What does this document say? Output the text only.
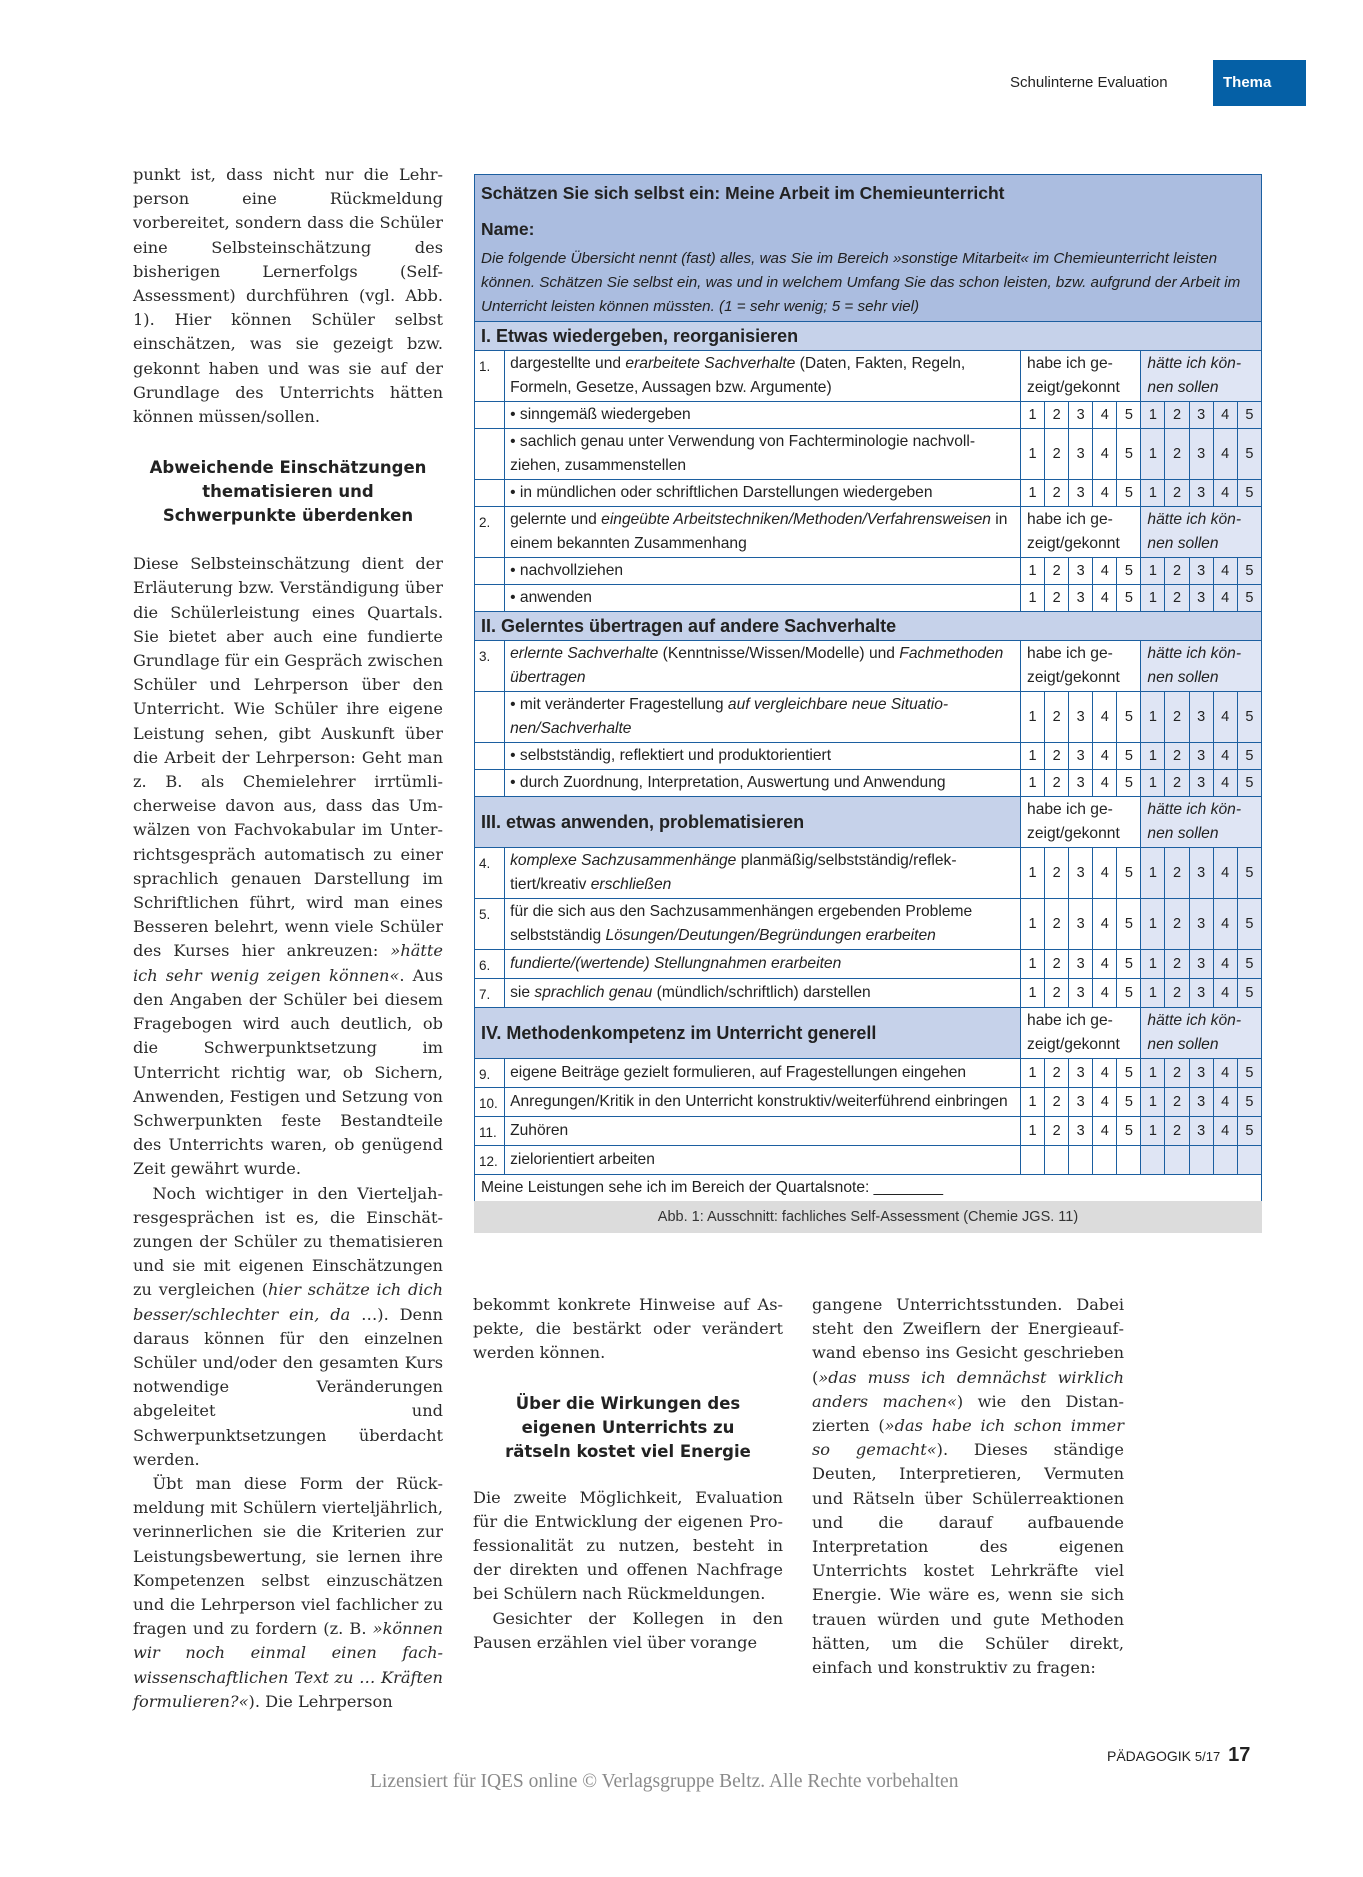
Schulinterne Evaluation	Thema

punkt ist, dass nicht nur die Lehrperson eine Rückmeldung vorbereitet, sondern dass die Schüler eine Selbsteinschätzung des bisherigen Lernerfolgs (Self-Assessment) durchführen (vgl. Abb. 1). Hier können Schüler selbst einschätzen, was sie gezeigt bzw. gekonnt haben und was sie auf der Grundlage des Unterrichts hätten können müssen/sollen.

Abweichende Einschätzungen thematisieren und Schwerpunkte überdenken

Diese Selbsteinschätzung dient der Erläuterung bzw. Verständigung über die Schülerleistung eines Quartals. Sie bietet aber auch eine fundierte Grundlage für ein Gespräch zwischen Schüler und Lehrperson über den Unterricht. Wie Schüler ihre eigene Leistung sehen, gibt Auskunft über die Arbeit der Lehrperson: Geht man z. B. als Chemielehrer irrtümlicherweise davon aus, dass das Umwälzen von Fachvokabular im Unterrichtsgespräch automatisch zu einer sprachlich genauen Darstellung im Schriftlichen führt, wird man eines Besseren belehrt, wenn viele Schüler des Kurses hier ankreuzen: »hätte ich sehr wenig zeigen können«. Aus den Angaben der Schüler bei diesem Fragebogen wird auch deutlich, ob die Schwerpunktsetzung im Unterricht richtig war, ob Sichern, Anwenden, Festigen und Setzung von Schwerpunkten feste Bestandteile des Unterrichts waren, ob genügend Zeit gewährt wurde.

Noch wichtiger in den Vierteljahresgesprächen ist es, die Einschätzungen der Schüler zu thematisieren und sie mit eigenen Einschätzungen zu vergleichen (hier schätze ich dich besser/schlechter ein, da …). Denn daraus können für den einzelnen Schüler und/oder den gesamten Kurs notwendige Veränderungen abgeleitet und Schwerpunktsetzungen überdacht werden.

Übt man diese Form der Rückmeldung mit Schülern vierteljährlich, verinnerlichen sie die Kriterien zur Leistungsbewertung, sie lernen ihre Kompetenzen selbst einzuschätzen und die Lehrperson viel fachlicher zu fragen und zu fordern (z. B. »können wir noch einmal einen fachwissenschaftlichen Text zu … Kräften formulieren?«). Die Lehrperson

bekommt konkrete Hinweise auf Aspekte, die bestärkt oder verändert werden können.

Über die Wirkungen des eigenen Unterrichts zu rätseln kostet viel Energie

Die zweite Möglichkeit, Evaluation für die Entwicklung der eigenen Professionalität zu nutzen, besteht in der direkten und offenen Nachfrage bei Schülern nach Rückmeldungen.

Gesichter der Kollegen in den Pausen erzählen viel über vorange

gangene Unterrichtsstunden. Dabei steht den Zweiflern der Energieaufwand ebenso ins Gesicht geschrieben (»das muss ich demnächst wirklich anders machen«) wie den Distanzierten (»das habe ich schon immer so gemacht«). Dieses ständige Deuten, Interpretieren, Vermuten und Rätseln über Schülerreaktionen und die darauf aufbauende Interpretation des eigenen Unterrichts kostet Lehrkräfte viel Energie. Wie wäre es, wenn sie sich trauen würden und gute Methoden hätten, um die Schüler direkt, einfach und konstruktiv zu fragen:

Schätzen Sie sich selbst ein: Meine Arbeit im Chemieunterricht											
Name:											
Die folgende Übersicht nennt (fast) alles, was Sie im Bereich »sonstige Mitarbeit« im Chemieunterricht leisten können. Schätzen Sie selbst ein, was und in welchem Umfang Sie das schon leisten, bzw. aufgrund der Arbeit im Unterricht leisten können müssten. (1 = sehr wenig; 5 = sehr viel)											
I. Etwas wiedergeben, reorganisieren											
1.	dargestellte und erarbeitete Sachverhalte (Daten, Fakten, Regeln, Formeln, Gesetze, Aussagen bzw. Argumente)	habe ich gezeigt/gekonnt					hätte ich können sollen				
	• sinngemäß wiedergeben	1	2	3	4	5	1	2	3	4	5
	• sachlich genau unter Verwendung von Fachterminologie nachvollziehen, zusammenstellen	1	2	3	4	5	1	2	3	4	5
	• in mündlichen oder schriftlichen Darstellungen wiedergeben	1	2	3	4	5	1	2	3	4	5
2.	gelernte und eingeübte Arbeitstechniken/Methoden/Verfahrensweisen in einem bekannten Zusammenhang	habe ich gezeigt/gekonnt					hätte ich können sollen				
	• nachvollziehen	1	2	3	4	5	1	2	3	4	5
	• anwenden	1	2	3	4	5	1	2	3	4	5
II. Gelerntes übertragen auf andere Sachverhalte											
3.	erlernte Sachverhalte (Kenntnisse/Wissen/Modelle) und Fachmethoden übertragen	habe ich gezeigt/gekonnt					hätte ich können sollen				
	• mit veränderter Fragestellung auf vergleichbare neue Situationen/Sachverhalte	1	2	3	4	5	1	2	3	4	5
	• selbstständig, reflektiert und produktorientiert	1	2	3	4	5	1	2	3	4	5
	• durch Zuordnung, Interpretation, Auswertung und Anwendung	1	2	3	4	5	1	2	3	4	5
III. etwas anwenden, problematisieren		habe ich gezeigt/gekonnt					hätte ich können sollen				
4.	komplexe Sachzusammenhänge planmäßig/selbstständig/reflektiert/kreativ erschließen	1	2	3	4	5	1	2	3	4	5
5.	für die sich aus den Sachzusammenhängen ergebenden Probleme selbstständig Lösungen/Deutungen/Begründungen erarbeiten	1	2	3	4	5	1	2	3	4	5
6.	fundierte/(wertende) Stellungnahmen erarbeiten	1	2	3	4	5	1	2	3	4	5
7.	sie sprachlich genau (mündlich/schriftlich) darstellen	1	2	3	4	5	1	2	3	4	5
IV. Methodenkompetenz im Unterricht generell		habe ich gezeigt/gekonnt					hätte ich können sollen				
9.	eigene Beiträge gezielt formulieren, auf Fragestellungen eingehen	1	2	3	4	5	1	2	3	4	5
10.	Anregungen/Kritik in den Unterricht konstruktiv/weiterführend einbringen	1	2	3	4	5	1	2	3	4	5
11.	Zuhören	1	2	3	4	5	1	2	3	4	5
12.	zielorientiert arbeiten										
Meine Leistungen sehe ich im Bereich der Quartalsnote: ________											
Abb. 1: Ausschnitt: fachliches Self-Assessment (Chemie JGS. 11)
PÄDAGOGIK 5/17 17
Lizensiert für IQES online © Verlagsgruppe Beltz. Alle Rechte vorbehalten
